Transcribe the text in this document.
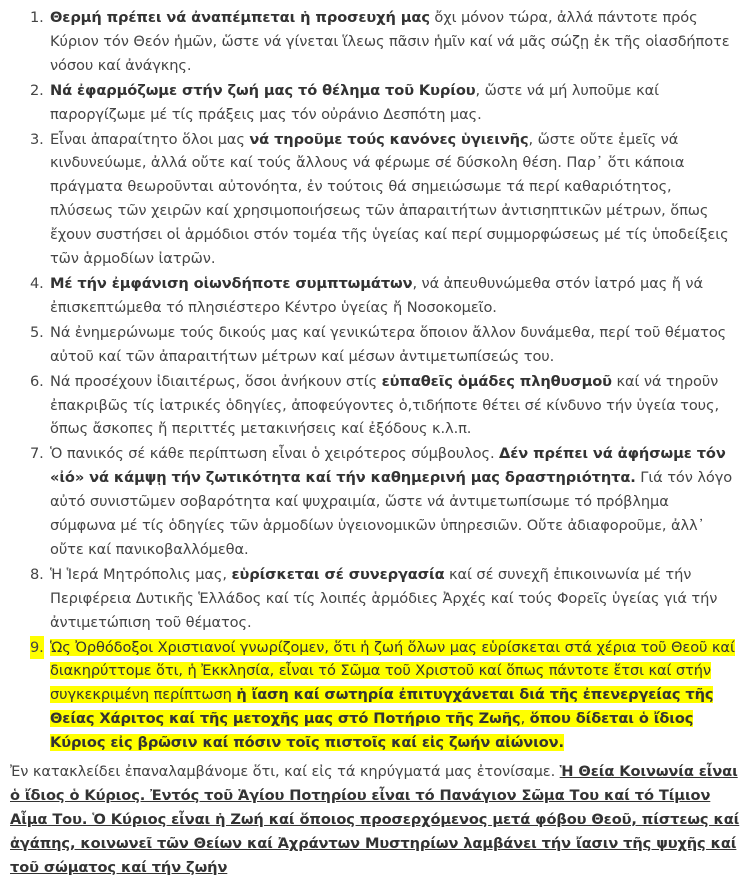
1. Θερμή πρέπει νά ἀναπέμπεται ἡ προσευχή μας ὄχι μόνον τώρα, ἀλλά πάντοτε πρός Κύριον τόν Θεόν ἡμῶν, ὥστε νά γίνεται ἵλεως πᾶσιν ἡμῖν καί νά μᾶς σώζῃ ἐκ τῆς οἱασδήποτε νόσου καί ἀνάγκης.
2. Νά ἐφαρμόζωμε στήν ζωή μας τό θέλημα τοῦ Κυρίου, ὥστε νά μή λυποῦμε καί παροργίζωμε μέ τίς πράξεις μας τόν οὐράνιο Δεσπότη μας.
3. Εἶναι ἀπαραίτητο ὅλοι μας νά τηροῦμε τούς κανόνες ὑγιεινῆς, ὥστε οὔτε ἐμεῖς νά κινδυνεύωμε, ἀλλά οὔτε καί τούς ἄλλους νά φέρωμε σέ δύσκολη θέση. Παρ᾽ ὅτι κάποια πράγματα θεωροῦνται αὐτονόητα, ἐν τούτοις θά σημειώσωμε τά περί καθαριότητος, πλύσεως τῶν χειρῶν καί χρησιμοποιήσεως τῶν ἀπαραιτήτων ἀντισηπτικῶν μέτρων, ὅπως ἔχουν συστήσει οἱ ἁρμόδιοι στόν τομέα τῆς ὑγείας καί περί συμμορφώσεως μέ τίς ὑποδείξεις τῶν ἁρμοδίων ἰατρῶν.
4. Μέ τήν ἐμφάνιση οἱωνδήποτε συμπτωμάτων, νά ἀπευθυνώμεθα στόν ἰατρό μας ἤ νά ἐπισκεπτώμεθα τό πλησιέστερο Κέντρο ὑγείας ἤ Νοσοκομεῖο.
5. Νά ἐνημερώνωμε τούς δικούς μας καί γενικώτερα ὅποιον ἄλλον δυνάμεθα, περί τοῦ θέματος αὐτοῦ καί τῶν ἀπαραιτήτων μέτρων καί μέσων ἀντιμετωπίσεώς του.
6. Νά προσέχουν ἰδιαιτέρως, ὅσοι ἀνήκουν στίς εὐπαθεῖς ὁμάδες πληθυσμοῦ καί νά τηροῦν ἐπακριβῶς τίς ἰατρικές ὁδηγίες, ἀποφεύγοντες ὁ,τιδήποτε θέτει σέ κίνδυνο τήν ὑγεία τους, ὅπως ἄσκοπες ἤ περιττές μετακινήσεις καί ἐξόδους κ.λ.π.
7. Ὁ πανικός σέ κάθε περίπτωση εἶναι ὁ χειρότερος σύμβουλος. Δέν πρέπει νά ἀφήσωμε τόν «ἰό» νά κάμψῃ τήν ζωτικότητα καί τήν καθημερινή μας δραστηριότητα. Γιά τόν λόγο αὐτό συνιστῶμεν σοβαρότητα καί ψυχραιμία, ὥστε νά ἀντιμετωπίσωμε τό πρόβλημα σύμφωνα μέ τίς ὁδηγίες τῶν ἁρμοδίων ὑγειονομικῶν ὑπηρεσιῶν. Οὔτε ἀδιαφοροῦμε, ἀλλ᾽ οὔτε καί πανικοβαλλόμεθα.
8. Ἡ Ἱερά Μητρόπολις μας, εὑρίσκεται σέ συνεργασία καί σέ συνεχῆ ἐπικοινωνία μέ τήν Περιφέρεια Δυτικῆς Ἑλλάδος καί τίς λοιπές ἁρμόδιες Ἀρχές καί τούς Φορεῖς ὑγείας γιά τήν ἀντιμετώπιση τοῦ θέματος.
9. Ὡς Ὀρθόδοξοι Χριστιανοί γνωρίζομεν, ὅτι ἡ ζωή ὅλων μας εὑρίσκεται στά χέρια τοῦ Θεοῦ καί διακηρύττομε ὅτι, ἡ Ἐκκλησία, εἶναι τό Σῶμα τοῦ Χριστοῦ καί ὅπως πάντοτε ἔτσι καί στήν συγκεκριμένη περίπτωση ἡ ἴαση καί σωτηρία ἐπιτυγχάνεται διά τῆς ἐπενεργείας τῆς Θείας Χάριτος καί τῆς μετοχῆς μας στό Ποτήριο τῆς Ζωῆς, ὅπου δίδεται ὁ ἴδιος Κύριος εἰς βρῶσιν καί πόσιν τοῖς πιστοῖς καί εἰς ζωήν αἰώνιον.
Ἐν κατακλείδει ἐπαναλαμβάνομε ὅτι, καί εἰς τά κηρύγματά μας ἐτονίσαμε. Ἡ Θεία Κοινωνία εἶναι ὁ ἴδιος ὁ Κύριος. Ἐντός τοῦ Ἁγίου Ποτηρίου εἶναι τό Πανάγιον Σῶμα Του καί τό Τίμιον Αἷμα Του. Ὁ Κύριος εἶναι ἡ Ζωή καί ὅποιος προσερχόμενος μετά φόβου Θεοῦ, πίστεως καί ἀγάπης, κοινωνεῖ τῶν Θείων καί Ἀχράντων Μυστηρίων λαμβάνει τήν ἴασιν τῆς ψυχῆς καί τοῦ σώματος καί τήν ζωήν
